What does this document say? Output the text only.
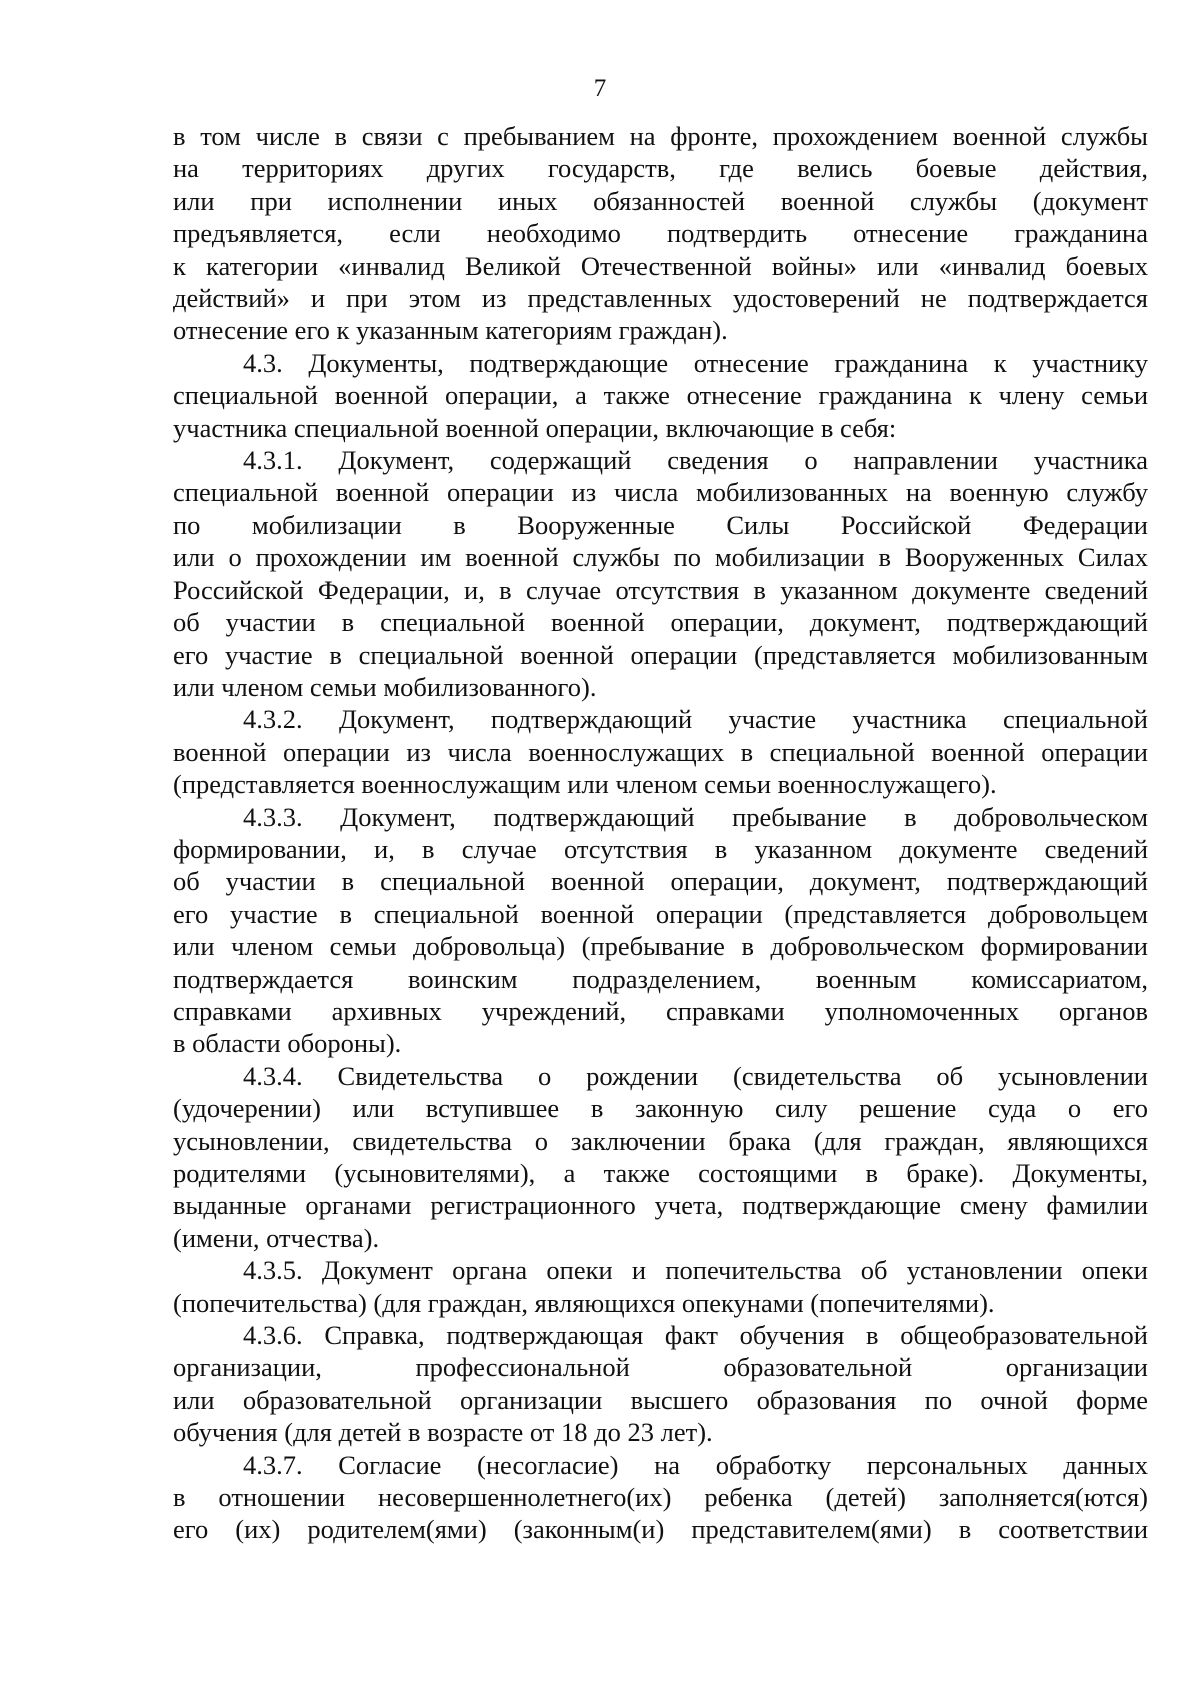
7

в том числе в связи с пребыванием на фронте, прохождением военной службы
на территориях других государств, где велись боевые действия,
или при исполнении иных обязанностей военной службы (документ
предъявляется, если необходимо подтвердить отнесение гражданина
к категории «инвалид Великой Отечественной войны» или «инвалид боевых
действий» и при этом из представленных удостоверений не подтверждается
отнесение его к указанным категориям граждан).

4.3. Документы, подтверждающие отнесение гражданина к участнику
специальной военной операции, а также отнесение гражданина к члену семьи
участника специальной военной операции, включающие в себя:

4.3.1. Документ, содержащий сведения о направлении участника
специальной военной операции из числа мобилизованных на военную службу
по мобилизации в Вооруженные Силы Российской Федерации
или о прохождении им военной службы по мобилизации в Вооруженных Силах
Российской Федерации, и, в случае отсутствия в указанном документе сведений
об участии в специальной военной операции, документ, подтверждающий
его участие в специальной военной операции (представляется мобилизованным
или членом семьи мобилизованного).

4.3.2. Документ, подтверждающий участие участника специальной
военной операции из числа военнослужащих в специальной военной операции
(представляется военнослужащим или членом семьи военнослужащего).

4.3.3. Документ, подтверждающий пребывание в добровольческом
формировании, и, в случае отсутствия в указанном документе сведений
об участии в специальной военной операции, документ, подтверждающий
его участие в специальной военной операции (представляется добровольцем
или членом семьи добровольца) (пребывание в добровольческом формировании
подтверждается воинским подразделением, военным комиссариатом,
справками архивных учреждений, справками уполномоченных органов
в области обороны).

4.3.4. Свидетельства о рождении (свидетельства об усыновлении
(удочерении) или вступившее в законную силу решение суда о его
усыновлении, свидетельства о заключении брака (для граждан, являющихся
родителями (усыновителями), а также состоящими в браке). Документы,
выданные органами регистрационного учета, подтверждающие смену фамилии
(имени, отчества).

4.3.5. Документ органа опеки и попечительства об установлении опеки
(попечительства) (для граждан, являющихся опекунами (попечителями).

4.3.6. Справка, подтверждающая факт обучения в общеобразовательной
организации, профессиональной образовательной организации
или образовательной организации высшего образования по очной форме
обучения (для детей в возрасте от 18 до 23 лет).

4.3.7. Согласие (несогласие) на обработку персональных данных
в отношении несовершеннолетнего(их) ребенка (детей) заполняется(ются)
его (их) родителем(ями) (законным(и) представителем(ями) в соответствии
